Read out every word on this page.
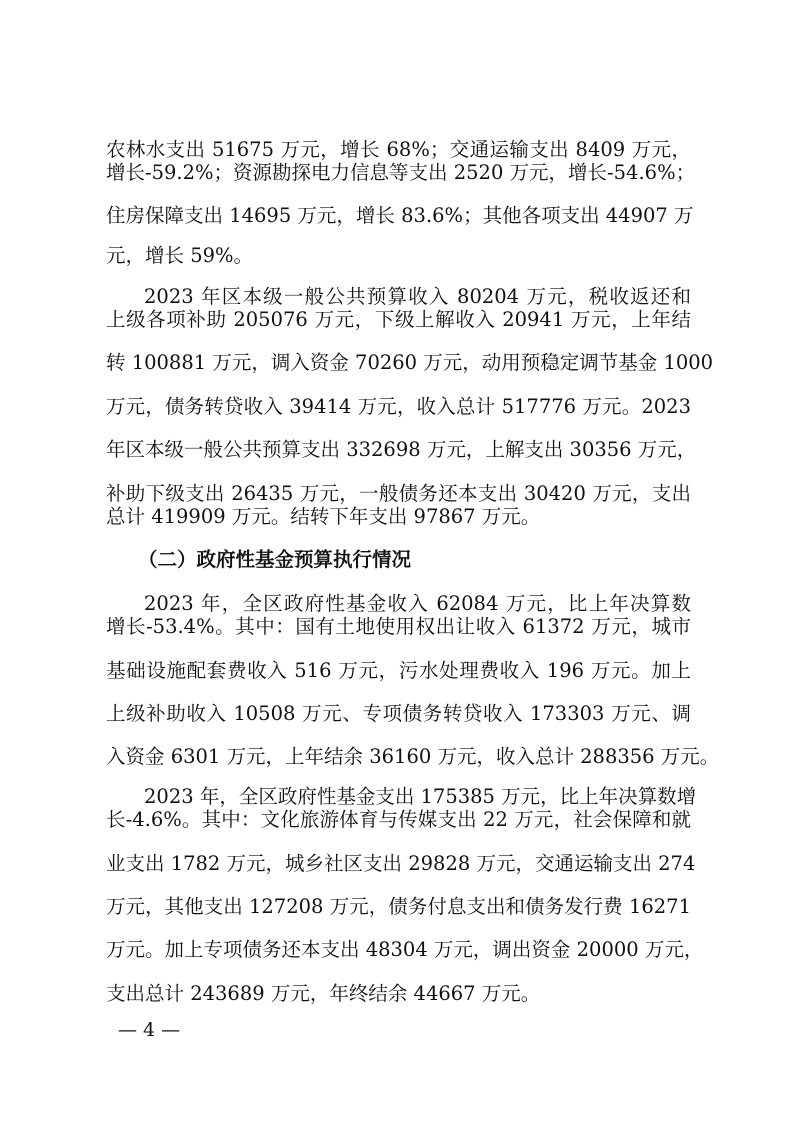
农林水支出 51675 万元，增长 68%；交通运输支出 8409 万元，
增长-59.2%；资源勘探电力信息等支出 2520 万元，增长-54.6%；
住房保障支出 14695 万元，增长 83.6%；其他各项支出 44907 万
元，增长 59%。
2023 年区本级一般公共预算收入 80204 万元，税收返还和
上级各项补助 205076 万元，下级上解收入 20941 万元，上年结
转 100881 万元，调入资金 70260 万元，动用预稳定调节基金 1000
万元，债务转贷收入 39414 万元，收入总计 517776 万元。2023
年区本级一般公共预算支出 332698 万元，上解支出 30356 万元，
补助下级支出 26435 万元，一般债务还本支出 30420 万元，支出
总计 419909 万元。结转下年支出 97867 万元。
（二）政府性基金预算执行情况
2023 年，全区政府性基金收入 62084 万元，比上年决算数
增长-53.4%。其中：国有土地使用权出让收入 61372 万元，城市
基础设施配套费收入 516 万元，污水处理费收入 196 万元。加上
上级补助收入 10508 万元、专项债务转贷收入 173303 万元、调
入资金 6301 万元，上年结余 36160 万元，收入总计 288356 万元。
2023 年，全区政府性基金支出 175385 万元，比上年决算数增
长-4.6%。其中：文化旅游体育与传媒支出 22 万元，社会保障和就
业支出 1782 万元，城乡社区支出 29828 万元，交通运输支出 274
万元，其他支出 127208 万元，债务付息支出和债务发行费 16271
万元。加上专项债务还本支出 48304 万元，调出资金 20000 万元，
支出总计 243689 万元，年终结余 44667 万元。
— 4 —
